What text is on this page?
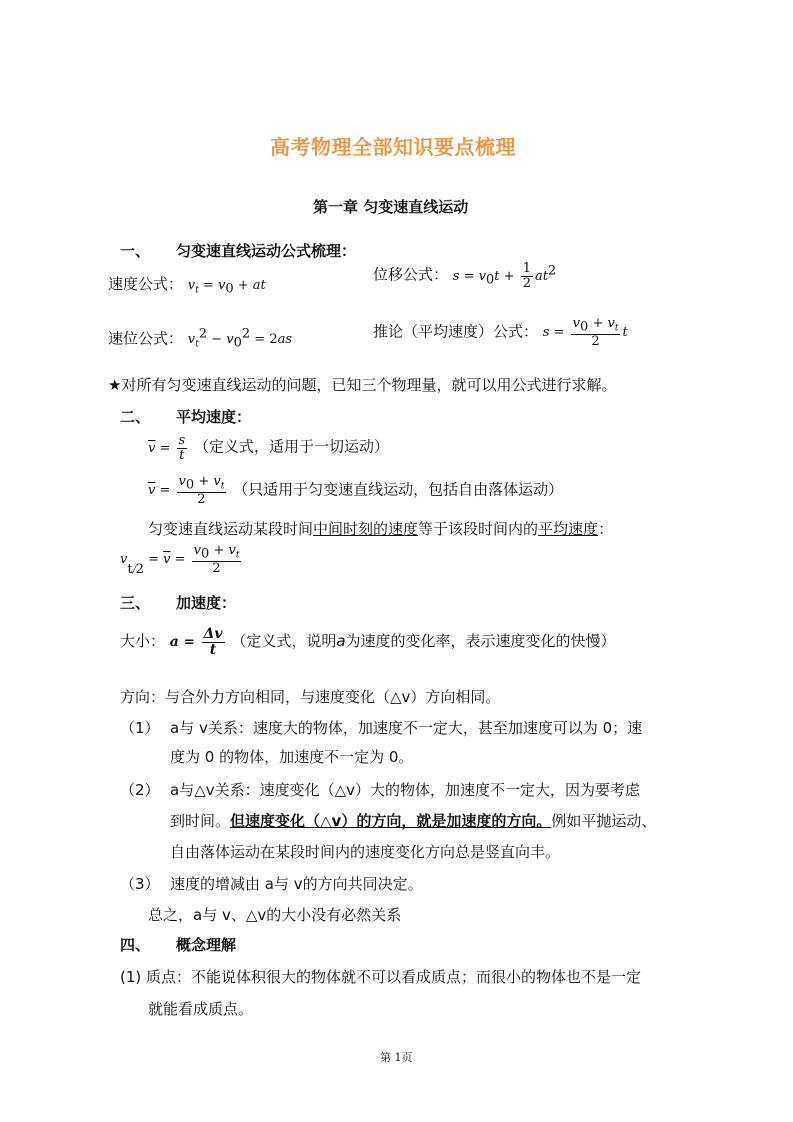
高考物理全部知识要点梳理
第一章 匀变速直线运动
一、 匀变速直线运动公式梳理：
速度公式： $v_t = v_0$ + at
位移公式： $s = v_0t + \frac{1}{2} at^2$
速位公式： $v_t^2 - v_0^2 = 2as$	推论（平均速度）公式： $s = \frac{v_0 + v_t}{2}$ t
★对所有匀变速直线运动的问题，已知三个物理量，就可以用公式进行求解。
二、 平均速度：
$\overline{v} = \frac{s}{t}$ （定义式，适用于一切运动）
$\overline{v} = \frac{v_0 + v_t}{2}$ （只适用于匀变速直线运动，包括自由落体运动）
匀变速直线运动某段时间中间时刻的速度等于该段时间内的平均速度：
$v_{t/2} = \overline{v} = \frac{v_0 + v_t}{2}$
三、 加速度：
大小： $a = \frac{\Delta v}{t}$ （定义式，说明a为速度的变化率，表示速度变化的快慢）
方向：与合外力方向相同，与速度变化（△v）方向相同。
（1） a与 v关系：速度大的物体，加速度不一定大，甚至加速度可以为 0；速
度为 0 的物体，加速度不一定为 0。
（2） a与△v关系：速度变化（△v）大的物体，加速度不一定大，因为要考虑
到时间。但速度变化（△v）的方向，就是加速度的方向。例如平抛运动、
自由落体运动在某段时间内的速度变化方向总是竖直向丰。
（3） 速度的增减由 a与 v的方向共同决定。
总之，a与 v、△v的大小没有必然关系
四、 概念理解
(1) 质点：不能说体积很大的物体就不可以看成质点；而很小的物体也不是一定
就能看成质点。
第 1页
